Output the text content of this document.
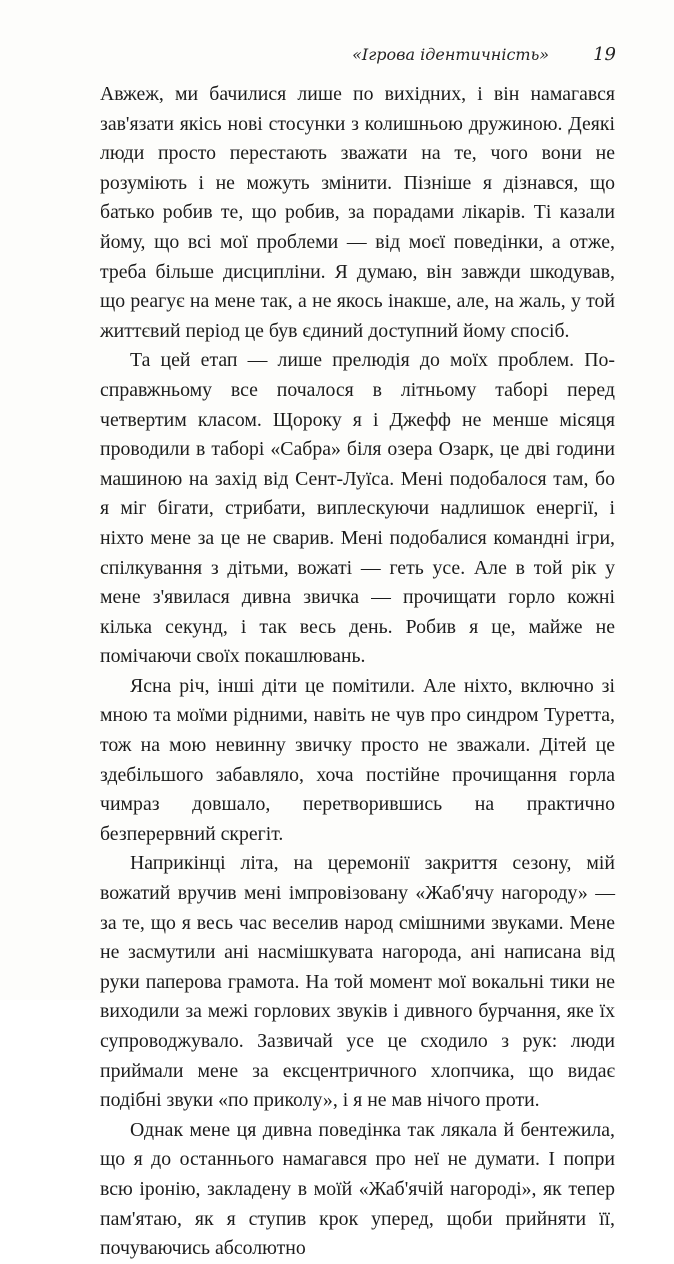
«Ігрова ідентичність» 19

Авжеж, ми бачилися лише по вихідних, і він намагався зав'язати якісь нові стосунки з колишньою дружиною. Деякі люди просто перестають зважати на те, чого вони не розуміють і не можуть змінити. Пізніше я дізнався, що батько робив те, що робив, за порадами лікарів. Ті казали йому, що всі мої проблеми — від моєї поведінки, а отже, треба більше дисципліни. Я думаю, він завжди шкодував, що реагує на мене так, а не якось інакше, але, на жаль, у той життєвий період це був єдиний доступний йому спосіб.

Та цей етап — лише прелюдія до моїх проблем. По-справжньому все почалося в літньому таборі перед четвертим класом. Щороку я і Джефф не менше місяця проводили в таборі «Сабра» біля озера Озарк, це дві години машиною на захід від Сент-Луїса. Мені подобалося там, бо я міг бігати, стрибати, виплескуючи надлишок енергії, і ніхто мене за це не сварив. Мені подобалися командні ігри, спілкування з дітьми, вожаті — геть усе. Але в той рік у мене з'явилася дивна звичка — прочищати горло кожні кілька секунд, і так весь день. Робив я це, майже не помічаючи своїх покашлювань.

Ясна річ, інші діти це помітили. Але ніхто, включно зі мною та моїми рідними, навіть не чув про синдром Туретта, тож на мою невинну звичку просто не зважали. Дітей це здебільшого забавляло, хоча постійне прочищання горла чимраз довшало, перетворившись на практично безперервний скрегіт.

Наприкінці літа, на церемонії закриття сезону, мій вожатий вручив мені імпровізовану «Жаб'ячу нагороду» — за те, що я весь час веселив народ смішними звуками. Мене не засмутили ані насмішкувата нагорода, ані написана від руки паперова грамота. На той момент мої вокальні тики не виходили за межі горлових звуків і дивного бурчання, яке їх супроводжувало. Зазвичай усе це сходило з рук: люди приймали мене за ексцентричного хлопчика, що видає подібні звуки «по приколу», і я не мав нічого проти.

Однак мене ця дивна поведінка так лякала й бентежила, що я до останнього намагався про неї не думати. І попри всю іронію, закладену в моїй «Жаб'ячій нагороді», як тепер пам'ятаю, як я ступив крок уперед, щоби прийняти її, почуваючись абсолютно
